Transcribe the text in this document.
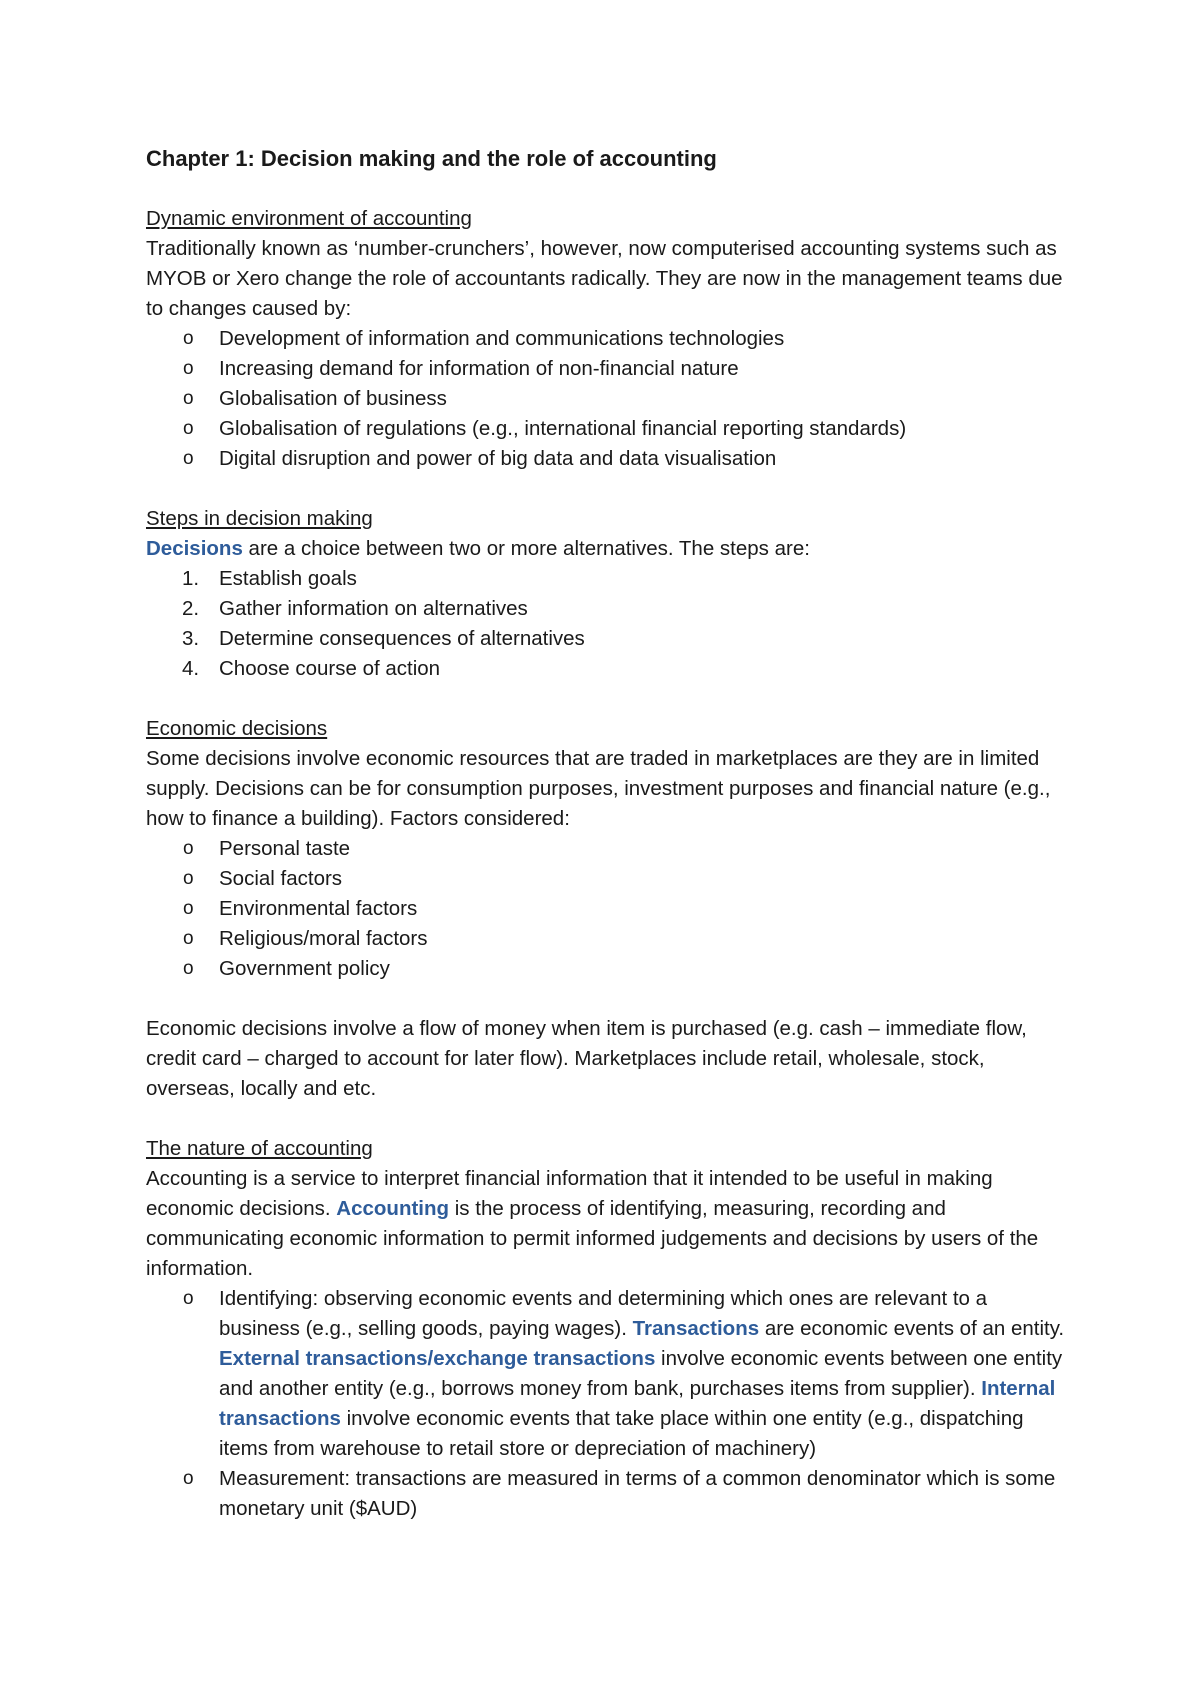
Chapter 1: Decision making and the role of accounting
Dynamic environment of accounting

Traditionally known as ‘number-crunchers’, however, now computerised accounting systems such as MYOB or Xero change the role of accountants radically. They are now in the management teams due to changes caused by:

o Development of information and communications technologies
o Increasing demand for information of non-financial nature
o Globalisation of business
o Globalisation of regulations (e.g., international financial reporting standards)
o Digital disruption and power of big data and data visualisation
Steps in decision making

Decisions are a choice between two or more alternatives. The steps are:

1. Establish goals
2. Gather information on alternatives
3. Determine consequences of alternatives
4. Choose course of action
Economic decisions

Some decisions involve economic resources that are traded in marketplaces are they are in limited supply. Decisions can be for consumption purposes, investment purposes and financial nature (e.g., how to finance a building). Factors considered:

o Personal taste
o Social factors
o Environmental factors
o Religious/moral factors
o Government policy

Economic decisions involve a flow of money when item is purchased (e.g. cash – immediate flow, credit card – charged to account for later flow). Marketplaces include retail, wholesale, stock, overseas, locally and etc.

The nature of accounting

Accounting is a service to interpret financial information that it intended to be useful in making economic decisions. Accounting is the process of identifying, measuring, recording and communicating economic information to permit informed judgements and decisions by users of the information.

o Identifying: observing economic events and determining which ones are relevant to a business (e.g., selling goods, paying wages). Transactions are economic events of an entity. External transactions/exchange transactions involve economic events between one entity and another entity (e.g., borrows money from bank, purchases items from supplier). Internal transactions involve economic events that take place within one entity (e.g., dispatching items from warehouse to retail store or depreciation of machinery)
o Measurement: transactions are measured in terms of a common denominator which is some monetary unit ($AUD)
